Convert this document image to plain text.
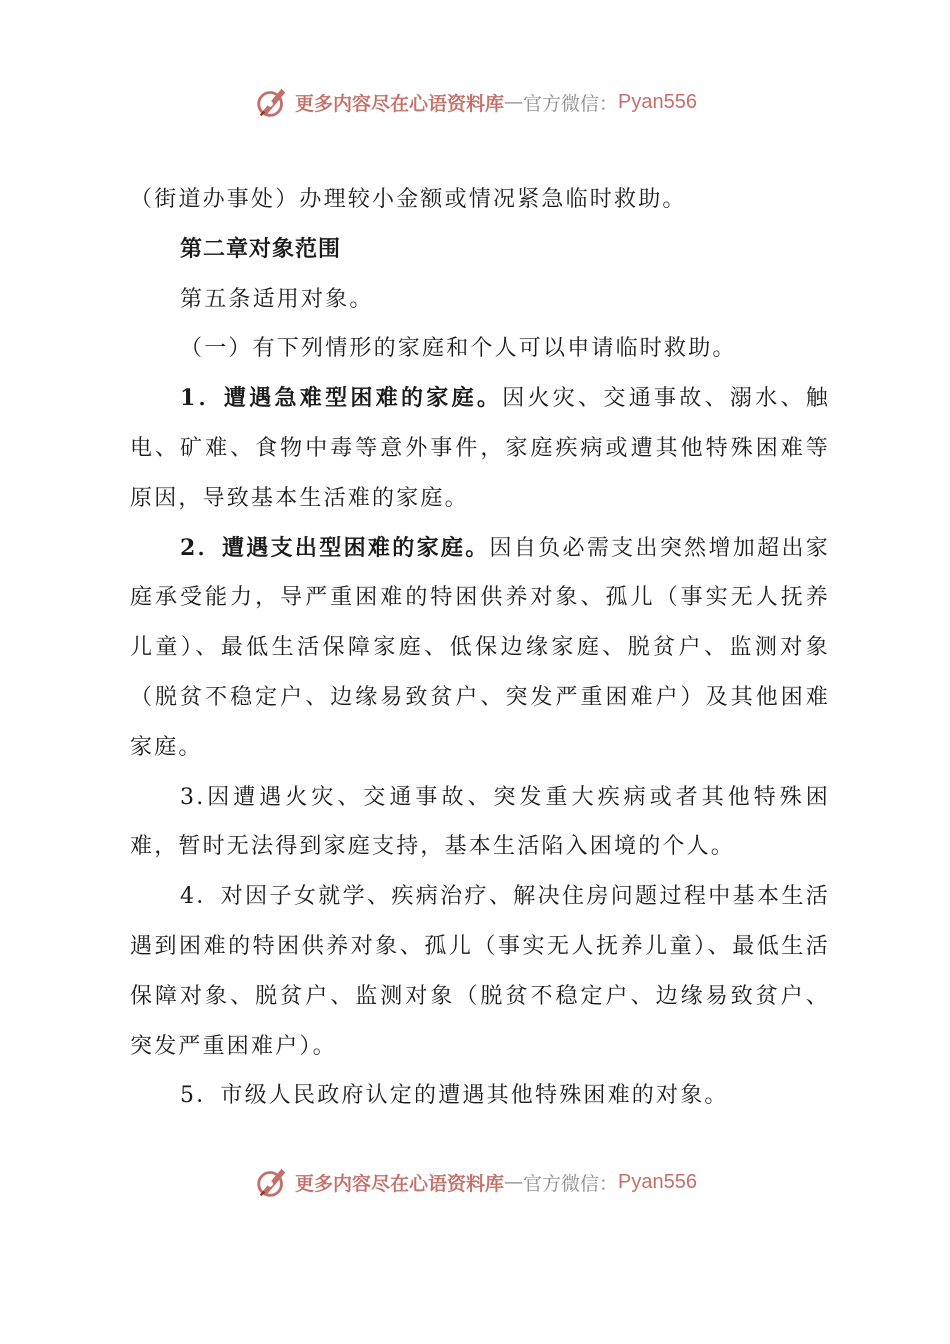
更多内容尽在心语资料库 — 官方微信： Pyan556

（街道办事处）办理较小金额或情况紧急临时救助。

第二章对象范围

第五条适用对象。

（一）有下列情形的家庭和个人可以申请临时救助。

1．遭遇急难型困难的家庭。因火灾、交通事故、溺水、触电、矿难、食物中毒等意外事件，家庭疾病或遭其他特殊困难等原因，导致基本生活难的家庭。

2．遭遇支出型困难的家庭。因自负必需支出突然增加超出家庭承受能力，导严重困难的特困供养对象、孤儿（事实无人抚养儿童）、最低生活保障家庭、低保边缘家庭、脱贫户、监测对象（脱贫不稳定户、边缘易致贫户、突发严重困难户）及其他困难家庭。

3.因遭遇火灾、交通事故、突发重大疾病或者其他特殊困难，暂时无法得到家庭支持，基本生活陷入困境的个人。

4．对因子女就学、疾病治疗、解决住房问题过程中基本生活遇到困难的特困供养对象、孤儿（事实无人抚养儿童）、最低生活保障对象、脱贫户、监测对象（脱贫不稳定户、边缘易致贫户、突发严重困难户）。

5．市级人民政府认定的遭遇其他特殊困难的对象。

更多内容尽在心语资料库 — 官方微信： Pyan556
